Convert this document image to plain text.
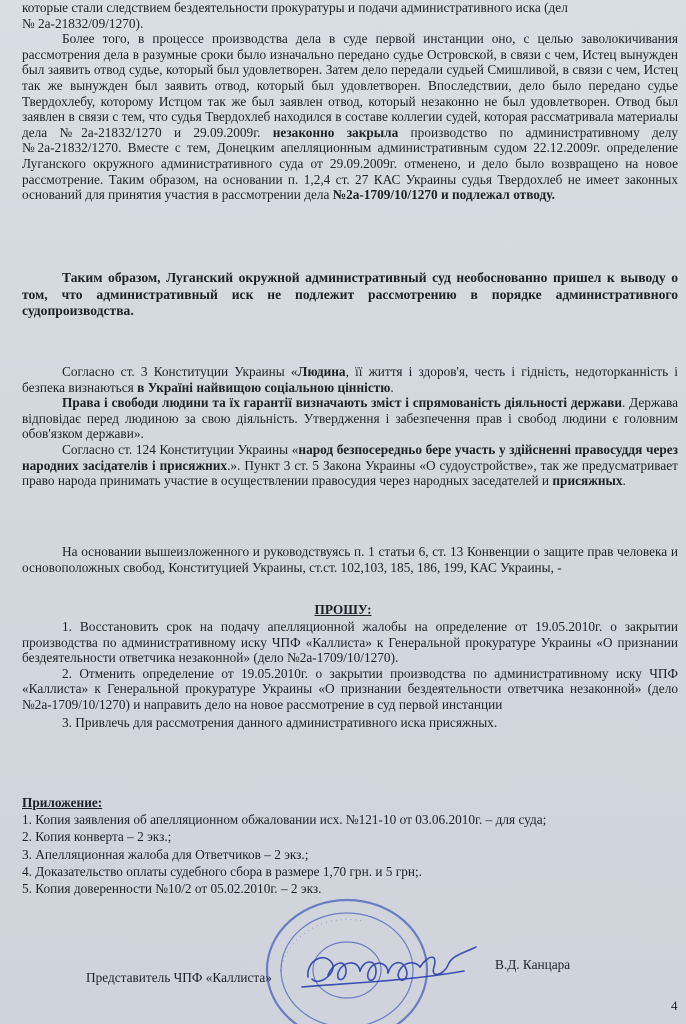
которые стали следствием бездеятельности прокуратуры и подачи административного иска (дел

№ 2а-21832/09/1270).

Более того, в процессе производства дела в суде первой инстанции оно, с целью заволокичивания рассмотрения дела в разумные сроки было изначально передано судье Островской, в связи с чем, Истец вынужден был заявить отвод судье, который был удовлетворен. Затем дело передали судьей Смишливой, в связи с чем, Истец так же вынужден был заявить отвод, который был удовлетворен. Впоследствии, дело было передано судье Твердохлебу, которому Истцом так же был заявлен отвод, который незаконно не был удовлетворен. Отвод был заявлен в связи с тем, что судья Твердохлеб находился в составе коллегии судей, которая рассматривала материалы дела №2а-21832/1270 и 29.09.2009г. незаконно закрыла производство по административному делу №2а-21832/1270. Вместе с тем, Донецким апелляционным административным судом 22.12.2009г. определение Луганского окружного административного суда от 29.09.2009г. отменено, и дело было возвращено на новое рассмотрение. Таким образом, на основании п. 1,2,4 ст. 27 КАС Украины судья Твердохлеб не имеет законных оснований для принятия участия в рассмотрении дела №2а-1709/10/1270 и подлежал отводу.

Таким образом, Луганский окружной административный суд необоснованно пришел к выводу о том, что административный иск не подлежит рассмотрению в порядке административного судопроизводства.

Согласно ст. 3 Конституции Украины «Людина, її життя і здоров'я, честь і гідність, недоторканність і безпека визнаються в Україні найвищою соціальною цінністю.

Права і свободи людини та їх гарантії визначають зміст і спрямованість діяльності держави. Держава відповідає перед людиною за свою діяльність. Утвердження і забезпечення прав і свобод людини є головним обов'язком держави».

Согласно ст. 124 Конституции Украины «народ безпосередньо бере участь у здійсненні правосуддя через народних засідателів і присяжних.». Пункт 3 ст. 5 Закона Украины «О судоустройстве», так же предусматривает право народа принимать участие в осуществлении правосудия через народных заседателей и присяжных.

На основании вышеизложенного и руководствуясь п. 1 статьи 6, ст. 13 Конвенции о защите прав человека и основоположных свобод, Конституцией Украины, ст.ст. 102,103, 185, 186, 199, КАС Украины, -

ПРОШУ:

1. Восстановить срок на подачу апелляционной жалобы на определение от 19.05.2010г. о закрытии производства по административному иску ЧПФ «Каллиста» к Генеральной прокуратуре Украины «О признании бездеятельности ответчика незаконной» (дело №2а-1709/10/1270).

2. Отменить определение от 19.05.2010г. о закрытии производства по административному иску ЧПФ «Каллиста» к Генеральной прокуратуре Украины «О признании бездеятельности ответчика незаконной» (дело №2а-1709/10/1270) и направить дело на новое рассмотрение в суд первой инстанции

3. Привлечь для рассмотрения данного административного иска присяжных.

Приложение:

1. Копия заявления об апелляционном обжаловании исх. №121-10 от 03.06.2010г. – для суда;

2. Копия конверта – 2 экз.;

3. Апелляционная жалоба для Ответчиков – 2 экз.;

4. Доказательство оплаты судебного сбора в размере 1,70 грн. и 5 грн;.

5. Копия доверенности №10/2 от 05.02.2010г. – 2 экз.

· · · · · · · · · · · · · · · · · · · · · ·
Представитель ЧПФ «Каллиста»
В.Д. Канцара
4
